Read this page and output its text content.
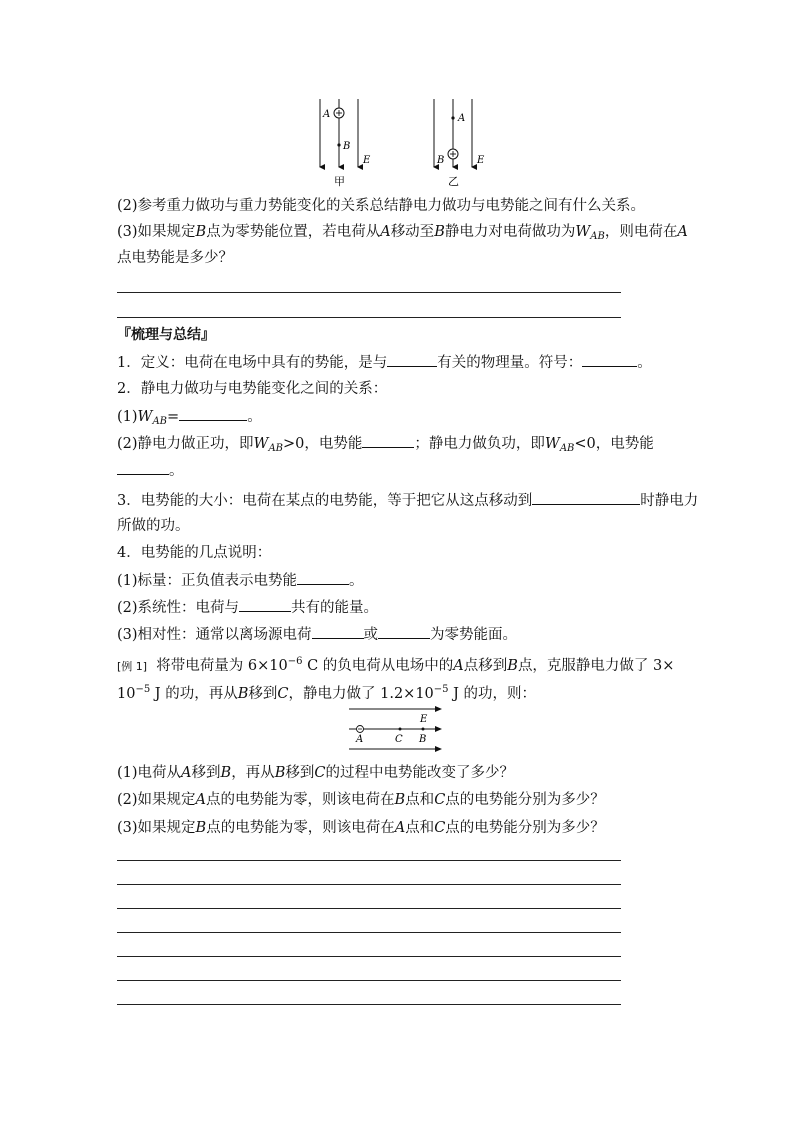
A
B
E
甲
A
B	E
乙
(2)参考重力做功与重力势能变化的关系总结静电力做功与电势能之间有什么关系。
(3)如果规定B点为零势能位置，若电荷从A移动至B静电力对电荷做功为$W_{AB}$，则电荷在A
点电势能是多少？
『梳理与总结』
1．定义：电荷在电场中具有的势能，是与	有关的物理量。符号：	。
2．静电力做功与电势能变化之间的关系：
$(1)W_{AB}=$	。
(2)静电力做正功，即$W_{AB}>0$，电势能	；静电力做负功，即$W_{AB}<0$，电势能
。
3．电势能的大小：电荷在某点的电势能，等于把它从这点移动到	时静电力
所做的功。
4．电势能的几点说明：
(1)标量：正负值表示电势能	。
(2)系统性：电荷与	共有的能量。
(3)相对性：通常以离场源电荷	或	为零势能面。
[例 1] 将带电荷量为 $6\times 10^{-6}$ C 的负电荷从电场中的A点移到B点，克服静电力做了 3×
$10^{-5}$ J 的功，再从B移到C，静电力做了 $1.2\times 10^{-5}$ J 的功，则：
E
A	C B
(1)电荷从A移到B，再从B移到C的过程中电势能改变了多少？
(2)如果规定A点的电势能为零，则该电荷在B点和C点的电势能分别为多少？
(3)如果规定B点的电势能为零，则该电荷在A点和C点的电势能分别为多少？
